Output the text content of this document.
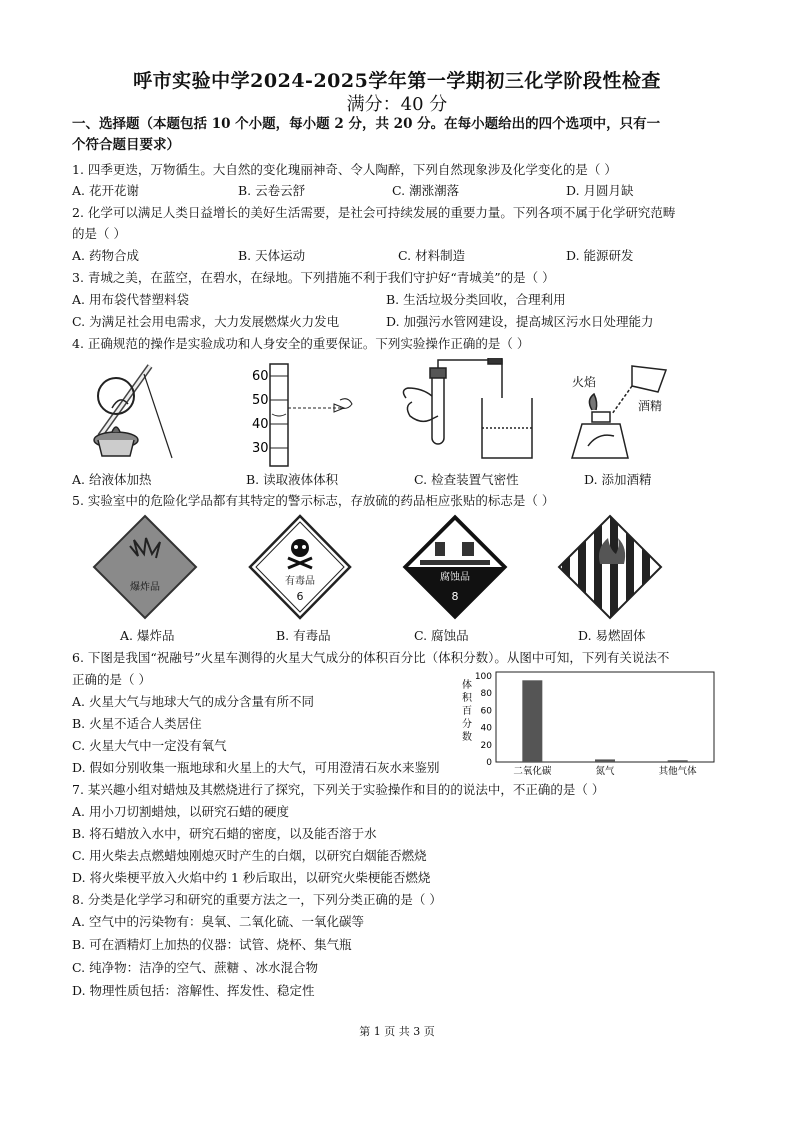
呼市实验中学2024-2025学年第一学期初三化学阶段性检查
满分：40 分
一、选择题（本题包括 10 个小题，每小题 2 分，共 20 分。在每小题给出的四个选项中，只有一
个符合题目要求）
1. 四季更迭，万物循生。大自然的变化瑰丽神奇、令人陶醉，下列自然现象涉及化学变化的是（ ）
A. 花开花谢	B. 云卷云舒	C. 潮涨潮落	D. 月圆月缺
2. 化学可以满足人类日益增长的美好生活需要，是社会可持续发展的重要力量。下列各项不属于化学研究范畴
的是（ ）
A. 药物合成	B. 天体运动	C. 材料制造	D. 能源研发
3. 青城之美，在蓝空，在碧水，在绿地。下列措施不利于我们守护好“青城美”的是（ ）
A. 用布袋代替塑料袋	B. 生活垃圾分类回收，合理利用
C. 为满足社会用电需求，大力发展燃煤火力发电	D. 加强污水管网建设，提高城区污水日处理能力
4. 正确规范的操作是实验成功和人身安全的重要保证。下列实验操作正确的是（ ）
60
50
40
30
火焰
酒精
A. 给液体加热	B. 读取液体体积	C. 检查装置气密性	D. 添加酒精
5. 实验室中的危险化学品都有其特定的警示标志，存放硫的药品柜应张贴的标志是（ ）
爆炸品
有毒品
6
腐蚀品
8
A. 爆炸品	B. 有毒品	C. 腐蚀品	D. 易燃固体
6. 下图是我国“祝融号”火星车测得的火星大气成分的体积百分比（体积分数）。从图中可知，下列有关说法不
正确的是（ ）
A. 火星大气与地球大气的成分含量有所不同
B. 火星不适合人类居住
C. 火星大气中一定没有氧气
D. 假如分别收集一瓶地球和火星上的大气，可用澄清石灰水来鉴别
体
积
百
分
数
100
80
60
40
20
0
二氧化碳	氮气	其他气体
7. 某兴趣小组对蜡烛及其燃烧进行了探究，下列关于实验操作和目的的说法中，不正确的是（ ）
A. 用小刀切割蜡烛，以研究石蜡的硬度
B. 将石蜡放入水中，研究石蜡的密度，以及能否溶于水
C. 用火柴去点燃蜡烛刚熄灭时产生的白烟，以研究白烟能否燃烧
D. 将火柴梗平放入火焰中约 1 秒后取出，以研究火柴梗能否燃烧
8. 分类是化学学习和研究的重要方法之一，下列分类正确的是（ ）
A. 空气中的污染物有：臭氧、二氧化硫、一氧化碳等
B. 可在酒精灯上加热的仪器：试管、烧杯、集气瓶
C. 纯净物：洁净的空气、蔗糖 、冰水混合物
D. 物理性质包括：溶解性、挥发性、稳定性
第 1 页 共 3 页
